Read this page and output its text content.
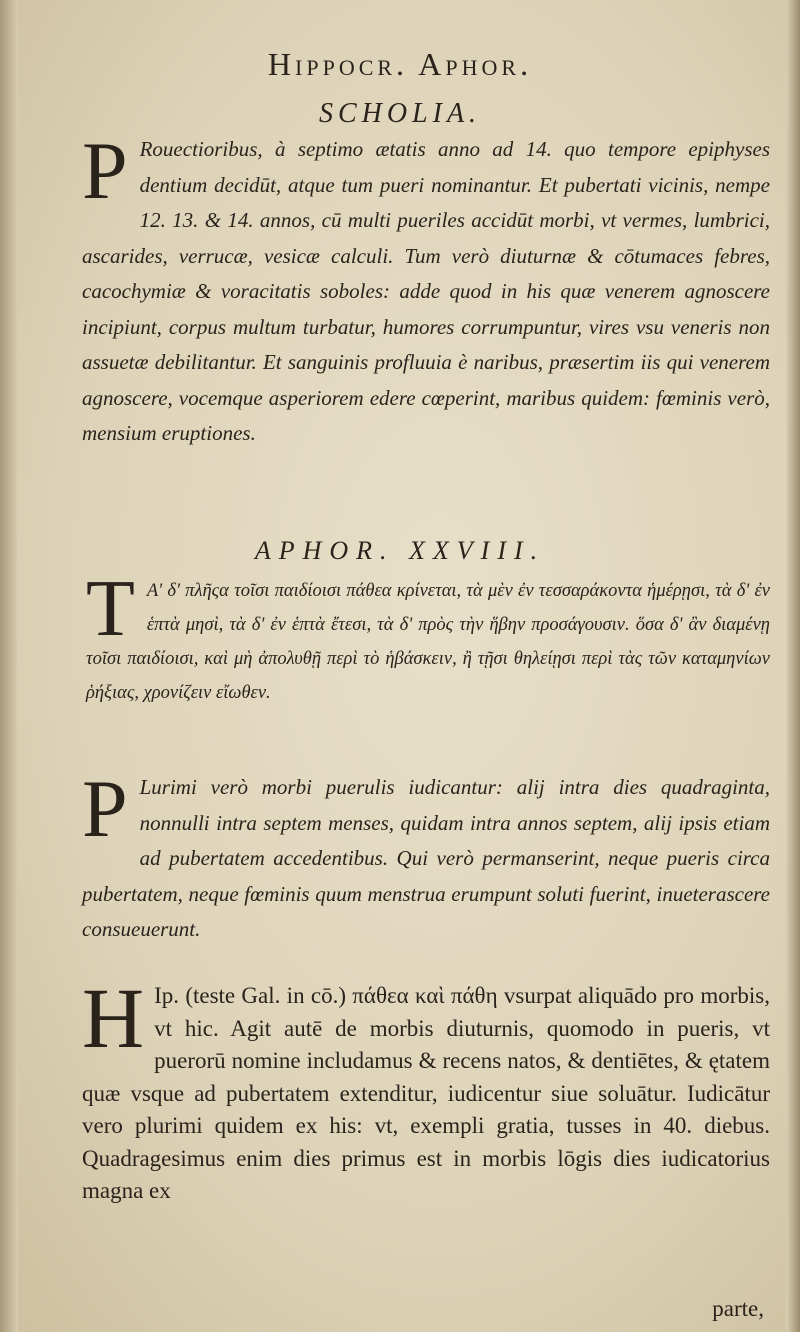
Hippocr. Aphor.
SCHOLIA.
P Rouectioribus, à septimo ætatis anno ad 14. quo tempore epiphyses dentium decidūt, atque tum pueri nominantur. Et pubertati vicinis, nempe 12. 13. & 14. annos, cū multi pueriles accidūt morbi, vt vermes, lumbrici, ascarides, verrucæ, vesicæ calculi. Tum verò diuturnæ & cōtumaces febres, cacochymiæ & voracitatis soboles: adde quod in his quæ venerem agnoscere incipiunt, corpus multum turbatur, humores corrumpuntur, vires vsu veneris non assuetæ debilitantur. Et sanguinis profluuia è naribus, præsertim iis qui venerem agnoscere, vocemque asperiorem edere cœperint, maribus quidem: fœminis verò, mensium eruptiones.
APHOR. XXVIII.
T Α' δ' πλῆςα τοῖσι παιδίοισι πάθεα κρίνεται, τὰ μὲν ἐν τεσσαράκοντα ἡμέρῃσι, τὰ δ' ἐν ἑπτὰ μησὶ, τὰ δ' ἐν ἑπτὰ ἔτεσι, τὰ δ' πρὸς τὴν ἥβην προσάγουσιν. ὅσα δ' ἂν διαμένῃ τοῖσι παιδίοισι, καὶ μὴ ἀπολυθῇ περὶ τὸ ἡβάσκειν, ἢ τῇσι θηλείῃσι περὶ τὰς τῶν καταμηνίων ῥήξιας, χρονίζειν εἴωθεν.
P Lurimi verò morbi puerulis iudicantur: alij intra dies quadraginta, nonnulli intra septem menses, quidam intra annos septem, alij ipsis etiam ad pubertatem accedentibus. Qui verò permanserint, neque pueris circa pubertatem, neque fœminis quum menstrua erumpunt soluti fuerint, inueterascere consueuerunt.
H Ip. (teste Gal. in cō.) πάθεα καὶ πάθη vsurpat aliquādo pro morbis, vt hic. Agit autē de morbis diuturnis, quomodo in pueris, vt puerorū nomine includamus & recens natos, & dentiētes, & ętatem quæ vsque ad pubertatem extenditur, iudicentur siue soluātur. Iudicātur vero plurimi quidem ex his: vt, exempli gratia, tusses in 40. diebus. Quadragesimus enim dies primus est in morbis lōgis dies iudicatorius magna ex
parte,
